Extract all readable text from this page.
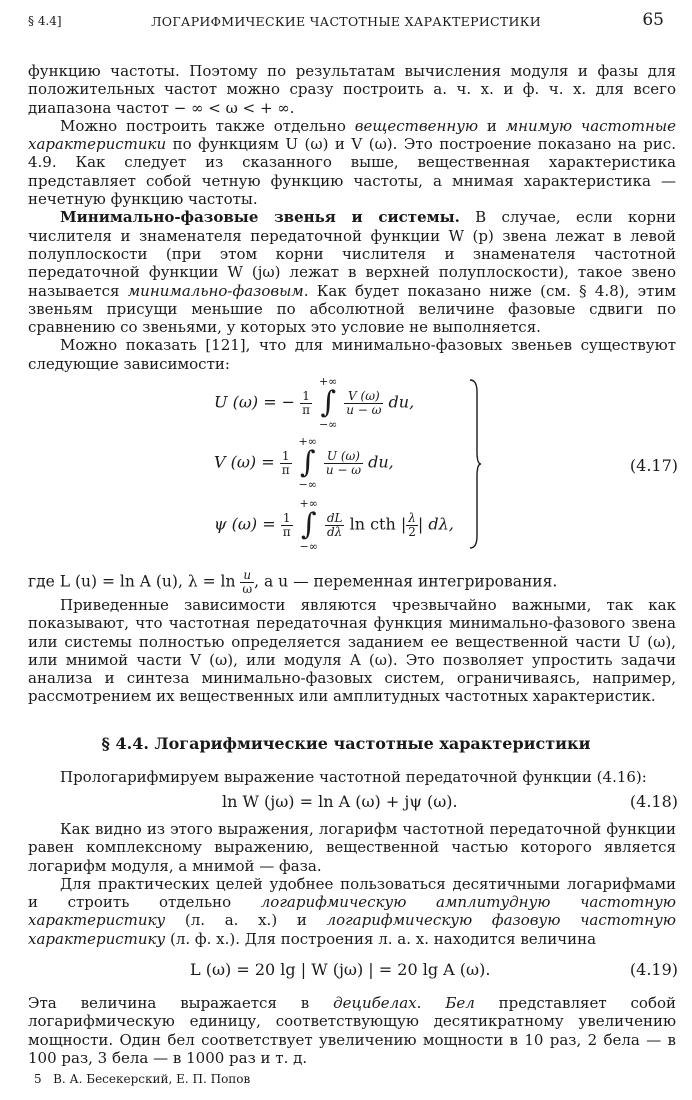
§ 4.4]	ЛОГАРИФМИЧЕСКИЕ ЧАСТОТНЫЕ ХАРАКТЕРИСТИКИ	65

функцию частоты. Поэтому по результатам вычисления модуля и фазы для положительных частот можно сразу построить а. ч. х. и ф. ч. х. для всего диапазона частот − ∞ < ω < + ∞.

Можно построить также отдельно вещественную и мнимую частотные характеристики по функциям U (ω) и V (ω). Это построение показано на рис. 4.9. Как следует из сказанного выше, вещественная характеристика представляет собой четную функцию частоты, а мнимая характеристика — нечетную функцию частоты.

Минимально-фазовые звенья и системы. В случае, если корни числителя и знаменателя передаточной функции W (p) звена лежат в левой полуплоскости (при этом корни числителя и знаменателя частотной передаточной функции W (jω) лежат в верхней полуплоскости), такое звено называется минимально-фазовым. Как будет показано ниже (см. § 4.8), этим звеньям присущи меньшие по абсолютной величине фазовые сдвиги по сравнению со звеньями, у которых это условие не выполняется.

Можно показать [121], что для минимально-фазовых звеньев существуют следующие зависимости:

U (ω) = − $\frac{1}{\pi}$
+∞
∫
−∞
$\frac{V (\omega)}{u - \omega}$ du,
V $(\omega) = \frac{1}{\pi}$
+∞
∫
−∞
$\frac{U (\omega)}{u - \omega}$ du,
ψ $(\omega) = \frac{1}{\pi}$
+∞
∫
−∞
$\frac{dL}{d\lambda}$ ln cth | $\frac{\lambda}{2}$ | dλ,
(4.17)

где L (u) = ln A (u), $\lambda = \ln \frac{u}{\omega}$ , а u — переменная интегрирования.

Приведенные зависимости являются чрезвычайно важными, так как показывают, что частотная передаточная функция минимально-фазового звена или системы полностью определяется заданием ее вещественной части U (ω), или мнимой части V (ω), или модуля A (ω). Это позволяет упростить задачи анализа и синтеза минимально-фазовых систем, ограничиваясь, например, рассмотрением их вещественных или амплитудных частотных характеристик.

§ 4.4. Логарифмические частотные характеристики

Прологарифмируем выражение частотной передаточной функции (4.16):

ln W (jω) = ln A (ω) + jψ (ω).	(4.18)

Как видно из этого выражения, логарифм частотной передаточной функции равен комплексному выражению, вещественной частью которого является логарифм модуля, а мнимой — фаза.

Для практических целей удобнее пользоваться десятичными логарифмами и строить отдельно логарифмическую амплитудную частотную характеристику (л. а. х.) и логарифмическую фазовую частотную характеристику (л. ф. х.). Для построения л. а. х. находится величина

L (ω) = 20 lg | W (jω) | = 20 lg A (ω).	(4.19)

Эта величина выражается в децибелах. Бел представляет собой логарифмическую единицу, соответствующую десятикратному увеличению мощности. Один бел соответствует увеличению мощности в 10 раз, 2 бела — в 100 раз, 3 бела — в 1000 раз и т. д.

5 В. А. Бесекерский, Е. П. Попов
